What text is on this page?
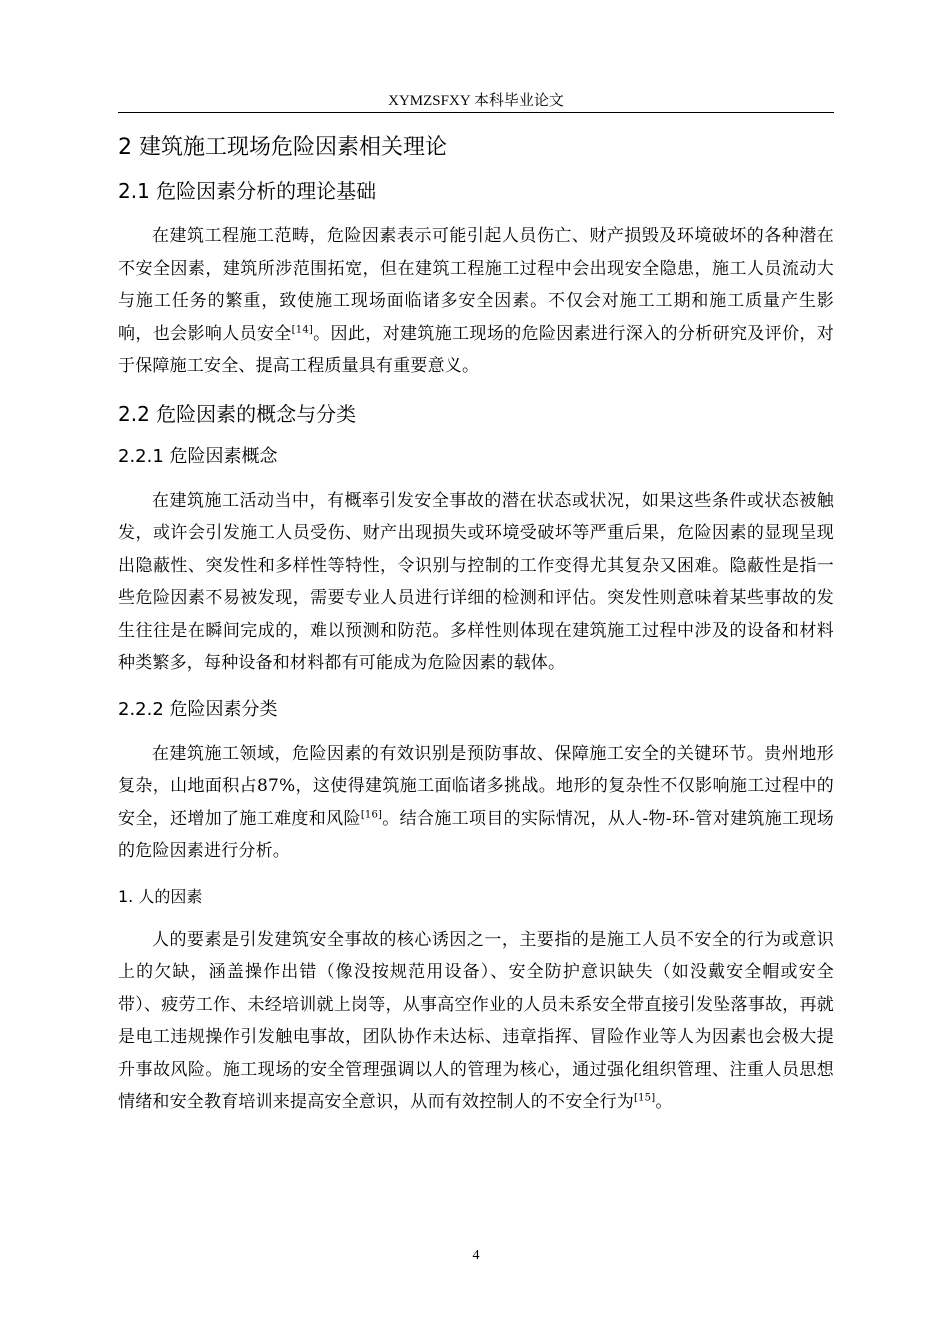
XYMZSFXY 本科毕业论文
2 建筑施工现场危险因素相关理论
2.1 危险因素分析的理论基础

在建筑工程施工范畴，危险因素表示可能引起人员伤亡、财产损毁及环境破坏的各种潜在不安全因素，建筑所涉范围拓宽，但在建筑工程施工过程中会出现安全隐患，施工人员流动大与施工任务的繁重，致使施工现场面临诸多安全因素。不仅会对施工工期和施工质量产生影响，也会影响人员安全[14]。因此，对建筑施工现场的危险因素进行深入的分析研究及评价，对于保障施工安全、提高工程质量具有重要意义。

2.2 危险因素的概念与分类
2.2.1 危险因素概念

在建筑施工活动当中，有概率引发安全事故的潜在状态或状况，如果这些条件或状态被触发，或许会引发施工人员受伤、财产出现损失或环境受破坏等严重后果，危险因素的显现呈现出隐蔽性、突发性和多样性等特性，令识别与控制的工作变得尤其复杂又困难。隐蔽性是指一些危险因素不易被发现，需要专业人员进行详细的检测和评估。突发性则意味着某些事故的发生往往是在瞬间完成的，难以预测和防范。多样性则体现在建筑施工过程中涉及的设备和材料种类繁多，每种设备和材料都有可能成为危险因素的载体。

2.2.2 危险因素分类

在建筑施工领域，危险因素的有效识别是预防事故、保障施工安全的关键环节。贵州地形复杂，山地面积占87%，这使得建筑施工面临诸多挑战。地形的复杂性不仅影响施工过程中的安全，还增加了施工难度和风险[16]。结合施工项目的实际情况，从人-物-环-管对建筑施工现场的危险因素进行分析。

1. 人的因素

人的要素是引发建筑安全事故的核心诱因之一，主要指的是施工人员不安全的行为或意识上的欠缺，涵盖操作出错（像没按规范用设备）、安全防护意识缺失（如没戴安全帽或安全带）、疲劳工作、未经培训就上岗等，从事高空作业的人员未系安全带直接引发坠落事故，再就是电工违规操作引发触电事故，团队协作未达标、违章指挥、冒险作业等人为因素也会极大提升事故风险。施工现场的安全管理强调以人的管理为核心，通过强化组织管理、注重人员思想情绪和安全教育培训来提高安全意识，从而有效控制人的不安全行为[15]。

4
